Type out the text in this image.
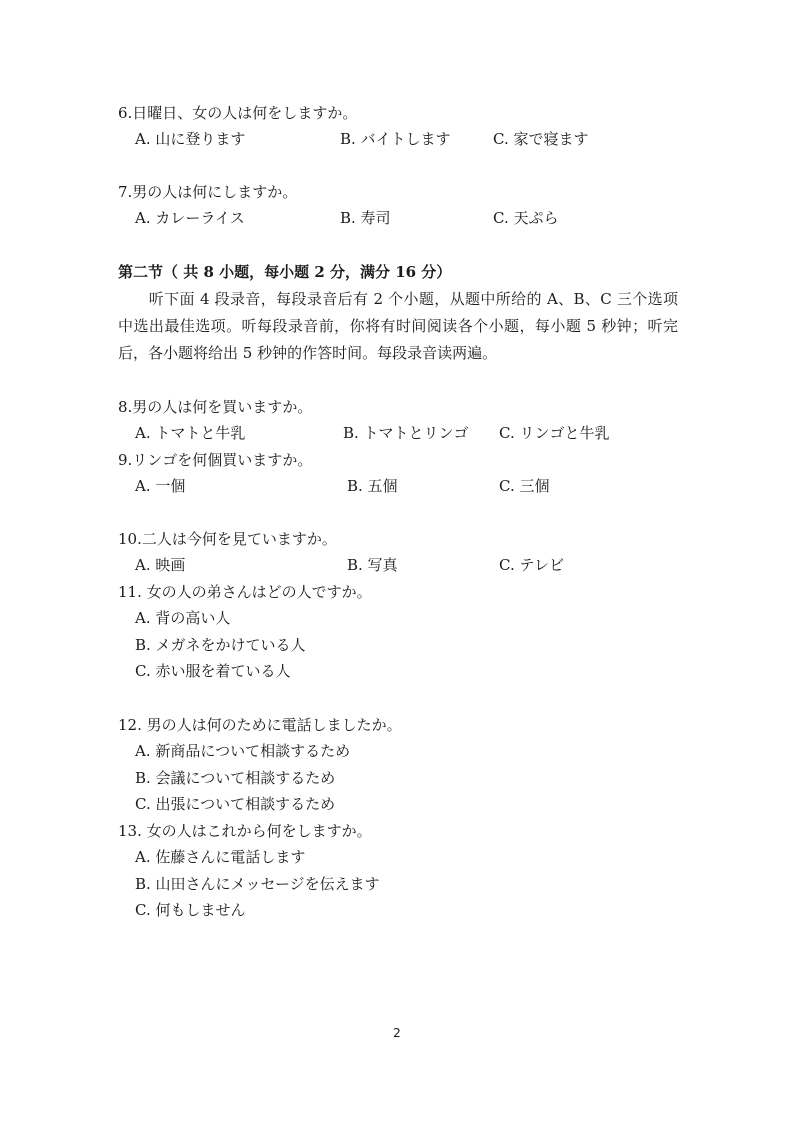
6.日曜日、女の人は何をしますか。
A. 山に登ります	B. バイトします	C. 家で寝ます
7.男の人は何にしますか。
A. カレーライス	B. 寿司	C. 天ぷら
第二节（ 共 8 小题，每小题 2 分，满分 16 分）
　　听下面 4 段录音，每段录音后有 2 个小题，从题中所给的 A、B、C 三个选项中选出最佳选项。听每段录音前，你将有时间阅读各个小题，每小题 5 秒钟；听完后，各小题将给出 5 秒钟的作答时间。每段录音读两遍。
8.男の人は何を買いますか。
A. トマトと牛乳	B. トマトとリンゴ C. リンゴと牛乳
9.リンゴを何個買いますか。
A. 一個	B. 五個	C. 三個
10.二人は今何を見ていますか。
A. 映画	B. 写真	C. テレビ
11. 女の人の弟さんはどの人ですか。
A. 背の高い人
B. メガネをかけている人
C. 赤い服を着ている人
12. 男の人は何のために電話しましたか。
A. 新商品について相談するため
B. 会議について相談するため
C. 出張について相談するため
13. 女の人はこれから何をしますか。
A. 佐藤さんに電話します
B. 山田さんにメッセージを伝えます
C. 何もしません
2
